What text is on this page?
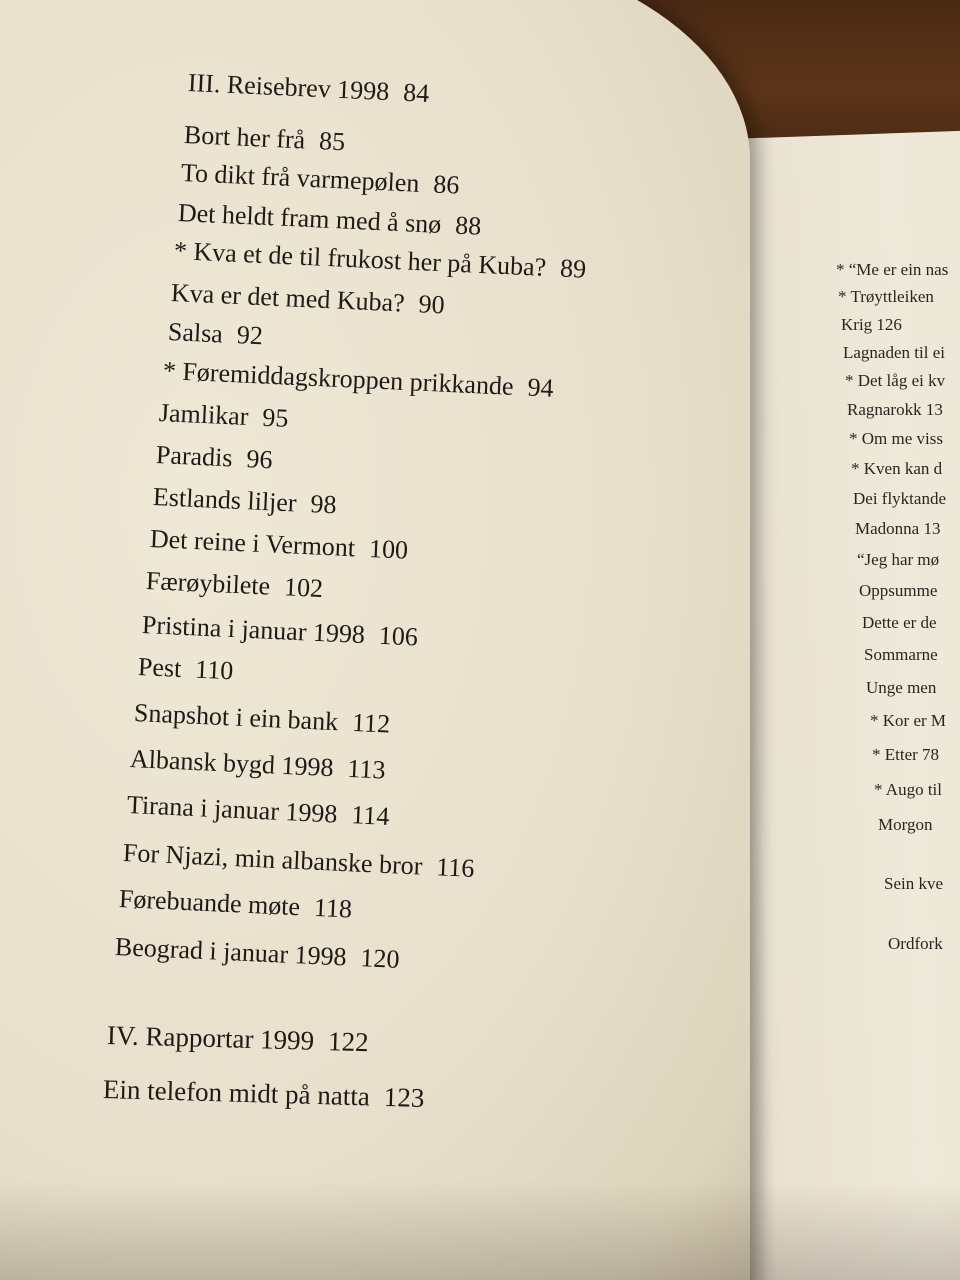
* “Me er ein nas
* Trøyttleiken
Krig 126
Lagnaden til ei
* Det låg ei kv
Ragnarokk 13
* Om me viss
* Kven kan d
Dei flyktande
Madonna 13
“Jeg har mø
Oppsumme
Dette er de
Sommarne
Unge men
* Kor er M
* Etter 78
* Augo til
Morgon
Sein kve
Ordfork
III. Reisebrev 1998 84
Bort her frå 85
To dikt frå varmepølen 86
Det heldt fram med å snø 88
* Kva et de til frukost her på Kuba? 89
Kva er det med Kuba? 90
Salsa 92
* Føremiddagskroppen prikkande 94
Jamlikar 95
Paradis 96
Estlands liljer 98
Det reine i Vermont 100
Færøybilete 102
Pristina i januar 1998 106
Pest 110
Snapshot i ein bank 112
Albansk bygd 1998 113
Tirana i januar 1998 114
For Njazi, min albanske bror 116
Førebuande møte 118
Beograd i januar 1998 120
IV. Rapportar 1999 122
Ein telefon midt på natta 123
